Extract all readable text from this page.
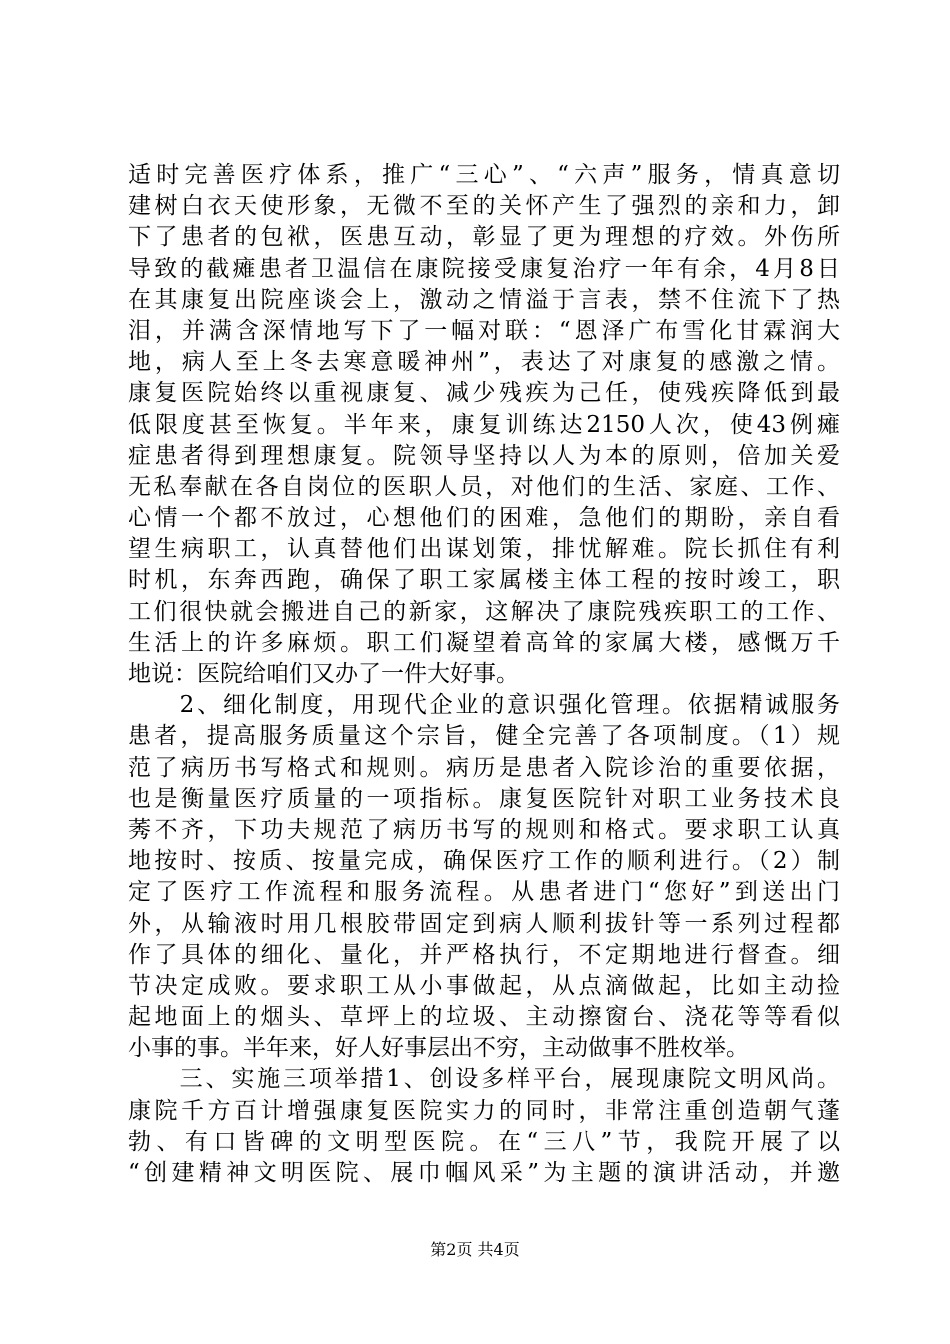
适时完善医疗体系，推广“三心”、“六声”服务，情真意切
建树白衣天使形象，无微不至的关怀产生了强烈的亲和力，卸
下了患者的包袱，医患互动，彰显了更为理想的疗效。外伤所
导致的截瘫患者卫温信在康院接受康复治疗一年有余，4月8日
在其康复出院座谈会上，激动之情溢于言表，禁不住流下了热
泪，并满含深情地写下了一幅对联：“恩泽广布雪化甘霖润大
地，病人至上冬去寒意暖神州”，表达了对康复的感激之情。
康复医院始终以重视康复、减少残疾为己任，使残疾降低到最
低限度甚至恢复。半年来，康复训练达2150人次，使43例瘫
症患者得到理想康复。院领导坚持以人为本的原则，倍加关爱
无私奉献在各自岗位的医职人员，对他们的生活、家庭、工作、
心情一个都不放过，心想他们的困难，急他们的期盼，亲自看
望生病职工，认真替他们出谋划策，排忧解难。院长抓住有利
时机，东奔西跑，确保了职工家属楼主体工程的按时竣工，职
工们很快就会搬进自己的新家，这解决了康院残疾职工的工作、
生活上的许多麻烦。职工们凝望着高耸的家属大楼，感慨万千
地说：医院给咱们又办了一件大好事。
　　2、细化制度，用现代企业的意识强化管理。依据精诚服务
患者，提高服务质量这个宗旨，健全完善了各项制度。（1）规
范了病历书写格式和规则。病历是患者入院诊治的重要依据，
也是衡量医疗质量的一项指标。康复医院针对职工业务技术良
莠不齐，下功夫规范了病历书写的规则和格式。要求职工认真
地按时、按质、按量完成，确保医疗工作的顺利进行。（2）制
定了医疗工作流程和服务流程。从患者进门“您好”到送出门
外，从输液时用几根胶带固定到病人顺利拔针等一系列过程都
作了具体的细化、量化，并严格执行，不定期地进行督查。细
节决定成败。要求职工从小事做起，从点滴做起，比如主动捡
起地面上的烟头、草坪上的垃圾、主动擦窗台、浇花等等看似
小事的事。半年来，好人好事层出不穷，主动做事不胜枚举。
　　三、实施三项举措1、创设多样平台，展现康院文明风尚。
康院千方百计增强康复医院实力的同时，非常注重创造朝气蓬
勃、有口皆碑的文明型医院。在“三八”节，我院开展了以
“创建精神文明医院、展巾帼风采”为主题的演讲活动，并邀
第2页 共4页
